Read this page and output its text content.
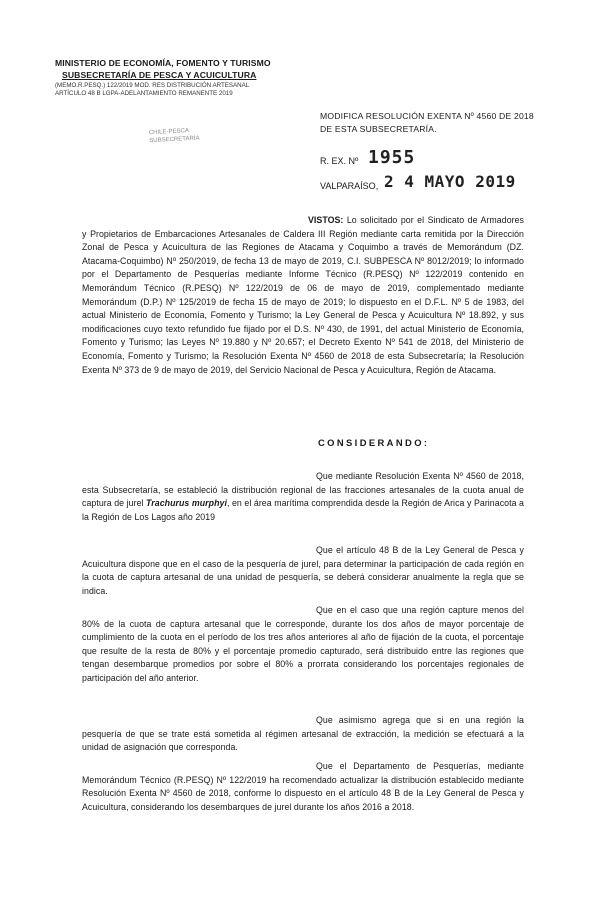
MINISTERIO DE ECONOMÍA, FOMENTO Y TURISMO
SUBSECRETARÍA DE PESCA Y ACUICULTURA
(MEMO.R.PESQ.) 122/2019 MOD. RES DISTRIBUCIÓN ARTESANAL
ARTÍCULO 48 B LGPA-ADELANTAMIENTO REMANENTE 2019
CHILE-PESCA
SUBSECRETARÍA
MODIFICA RESOLUCIÓN EXENTA Nº 4560 DE 2018
DE ESTA SUBSECRETARÍA.
R. EX. Nº 1955
VALPARAÍSO, 2 4 MAYO 2019
VISTOS: Lo solicitado por el Sindicato de Armadores y Propietarios de Embarcaciones Artesanales de Caldera III Región mediante carta remitida por la Dirección Zonal de Pesca y Acuicultura de las Regiones de Atacama y Coquimbo a través de Memorándum (DZ. Atacama-Coquimbo) Nº 250/2019, de fecha 13 de mayo de 2019, C.I. SUBPESCA Nº 8012/2019; lo informado por el Departamento de Pesquerías mediante Informe Técnico (R.PESQ) Nº 122/2019 contenido en Memorándum Técnico (R.PESQ) Nº 122/2019 de 06 de mayo de 2019, complementado mediante Memorándum (D.P.) Nº 125/2019 de fecha 15 de mayo de 2019; lo dispuesto en el D.F.L. Nº 5 de 1983, del actual Ministerio de Economía, Fomento y Turismo; la Ley General de Pesca y Acuicultura Nº 18.892, y sus modificaciones cuyo texto refundido fue fijado por el D.S. Nº 430, de 1991, del actual Ministerio de Economía, Fomento y Turismo; las Leyes Nº 19.880 y Nº 20.657; el Decreto Exento Nº 541 de 2018, del Ministerio de Economía, Fomento y Turismo; la Resolución Exenta Nº 4560 de 2018 de esta Subsecretaría; la Resolución Exenta Nº 373 de 9 de mayo de 2019, del Servicio Nacional de Pesca y Acuicultura, Región de Atacama.
CONSIDERANDO:
Que mediante Resolución Exenta Nº 4560 de 2018, esta Subsecretaría, se estableció la distribución regional de las fracciones artesanales de la cuota anual de captura de jurel Trachurus murphyi, en el área marítima comprendida desde la Región de Arica y Parinacota a la Región de Los Lagos año 2019
Que el artículo 48 B de la Ley General de Pesca y Acuicultura dispone que en el caso de la pesquería de jurel, para determinar la participación de cada región en la cuota de captura artesanal de una unidad de pesquería, se deberá considerar anualmente la regla que se indica.
Que en el caso que una región capture menos del 80% de la cuota de captura artesanal que le corresponde, durante los dos años de mayor porcentaje de cumplimiento de la cuota en el período de los tres años anteriores al año de fijación de la cuota, el porcentaje que resulte de la resta de 80% y el porcentaje promedio capturado, será distribuido entre las regiones que tengan desembarque promedios por sobre el 80% a prorrata considerando los porcentajes regionales de participación del año anterior.
Que asimismo agrega que si en una región la pesquería de que se trate está sometida al régimen artesanal de extracción, la medición se efectuará a la unidad de asignación que corresponda.
Que el Departamento de Pesquerías, mediante Memorándum Técnico (R.PESQ) Nº 122/2019 ha recomendado actualizar la distribución establecido mediante Resolución Exenta Nº 4560 de 2018, conforme lo dispuesto en el artículo 48 B de la Ley General de Pesca y Acuicultura, considerando los desembarques de jurel durante los años 2016 a 2018.
